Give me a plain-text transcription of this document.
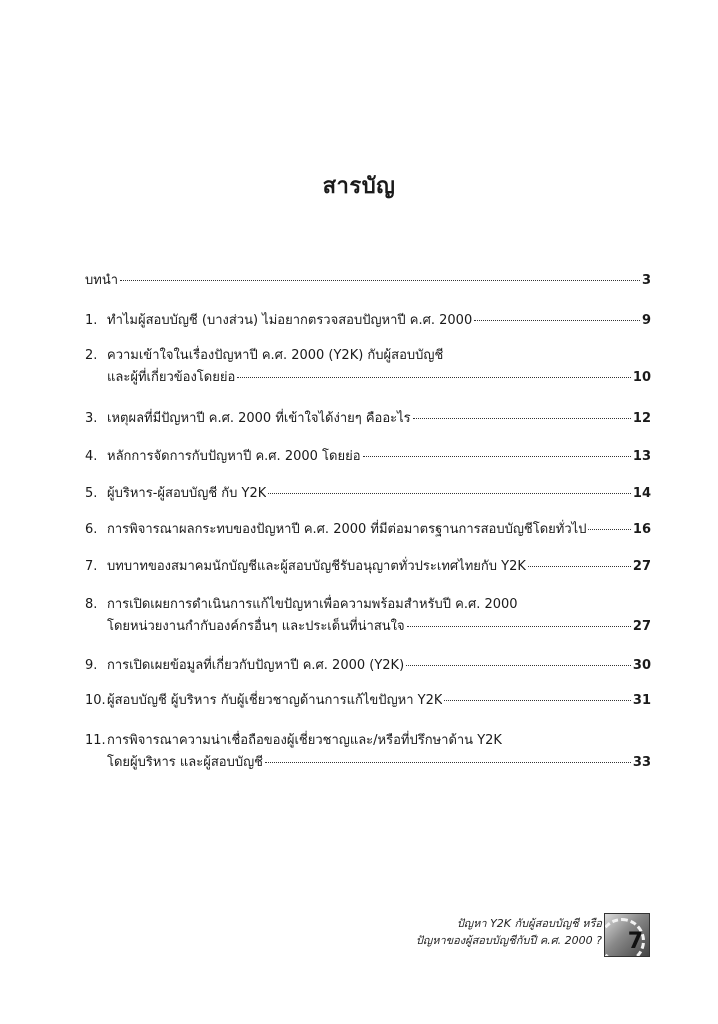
สารบัญ
บทนำ	3
1. ทำไมผู้สอบบัญชี (บางส่วน) ไม่อยากตรวจสอบปัญหาปี ค.ศ. 2000	9
2. ความเข้าใจในเรื่องปัญหาปี ค.ศ. 2000 (Y2K) กับผู้สอบบัญชี
และผู้ที่เกี่ยวข้องโดยย่อ	10
3. เหตุผลที่มีปัญหาปี ค.ศ. 2000 ที่เข้าใจได้ง่ายๆ คืออะไร	12
4. หลักการจัดการกับปัญหาปี ค.ศ. 2000 โดยย่อ	13
5. ผู้บริหาร-ผู้สอบบัญชี กับ Y2K	14
6. การพิจารณาผลกระทบของปัญหาปี ค.ศ. 2000 ที่มีต่อมาตรฐานการสอบบัญชีโดยทั่วไป	16
7. บทบาทของสมาคมนักบัญชีและผู้สอบบัญชีรับอนุญาตทั่วประเทศไทยกับ Y2K	27
8. การเปิดเผยการดำเนินการแก้ไขปัญหาเพื่อความพร้อมสำหรับปี ค.ศ. 2000
โดยหน่วยงานกำกับองค์กรอื่นๆ และประเด็นที่น่าสนใจ	27
9. การเปิดเผยข้อมูลที่เกี่ยวกับปัญหาปี ค.ศ. 2000 (Y2K)	30
10. ผู้สอบบัญชี ผู้บริหาร กับผู้เชี่ยวชาญด้านการแก้ไขปัญหา Y2K	31
11. การพิจารณาความน่าเชื่อถือของผู้เชี่ยวชาญและ/หรือที่ปรึกษาด้าน Y2K
โดยผู้บริหาร และผู้สอบบัญชี	33
ปัญหา Y2K กับผู้สอบบัญชี หรือ
ปัญหาของผู้สอบบัญชีกับปี ค.ศ. 2000 ? 7
